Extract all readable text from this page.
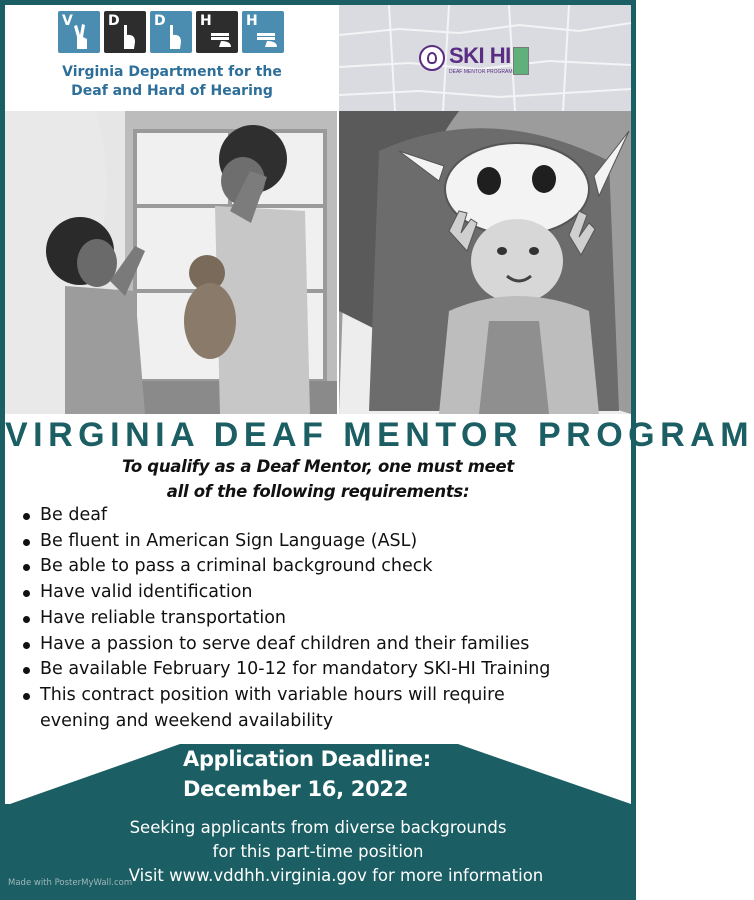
V	D D H H
Virginia Department for the
Deaf and Hard of Hearing
SKI HI
DEAF MENTOR PROGRAM
VIRGINIA DEAF MENTOR PROGRAM
To qualify as a Deaf Mentor, one must meet
all of the following requirements:
Be deaf
Be fluent in American Sign Language (ASL)
Be able to pass a criminal background check
Have valid identification
Have reliable transportation
Have a passion to serve deaf children and their families
Be available February 10-12 for mandatory SKI-HI Training
This contract position with variable hours will require
evening and weekend availability
Application Deadline:
December 16, 2022
Seeking applicants from diverse backgrounds
for this part-time position
Visit www.vddhh.virginia.gov for more information
Made with PosterMyWall.com
